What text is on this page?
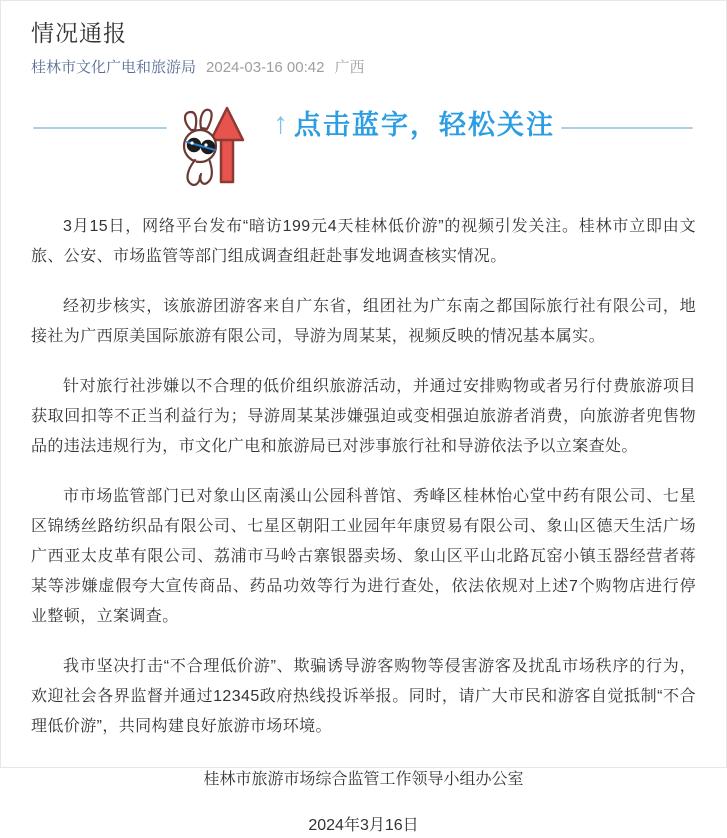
情况通报
桂林市文化广电和旅游局 2024-03-16 00:42 广西
↑ 点击蓝字，轻松关注

3月15日，网络平台发布“暗访199元4天桂林低价游”的视频引发关注。桂林市立即由文旅、公安、市场监管等部门组成调查组赶赴事发地调查核实情况。

经初步核实，该旅游团游客来自广东省，组团社为广东南之都国际旅行社有限公司，地接社为广西原美国际旅游有限公司，导游为周某某，视频反映的情况基本属实。

针对旅行社涉嫌以不合理的低价组织旅游活动，并通过安排购物或者另行付费旅游项目获取回扣等不正当利益行为；导游周某某涉嫌强迫或变相强迫旅游者消费，向旅游者兜售物品的违法违规行为，市文化广电和旅游局已对涉事旅行社和导游依法予以立案查处。

市市场监管部门已对象山区南溪山公园科普馆、秀峰区桂林怡心堂中药有限公司、七星区锦绣丝路纺织品有限公司、七星区朝阳工业园年年康贸易有限公司、象山区德天生活广场广西亚太皮革有限公司、荔浦市马岭古寨银器卖场、象山区平山北路瓦窑小镇玉器经营者蒋某等涉嫌虚假夸大宣传商品、药品功效等行为进行查处，依法依规对上述7个购物店进行停业整顿，立案调查。

我市坚决打击“不合理低价游”、欺骗诱导游客购物等侵害游客及扰乱市场秩序的行为，欢迎社会各界监督并通过12345政府热线投诉举报。同时，请广大市民和游客自觉抵制“不合理低价游”，共同构建良好旅游市场环境。

桂林市旅游市场综合监管工作领导小组办公室
2024年3月16日
